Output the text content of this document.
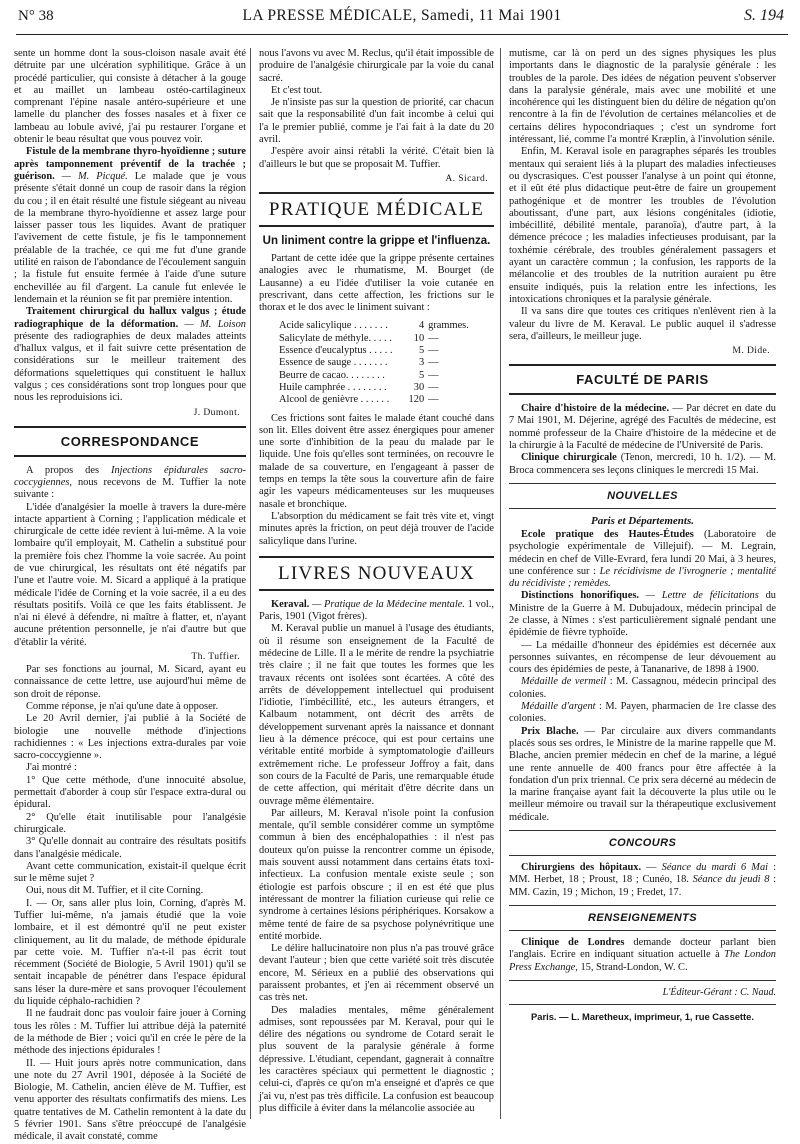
N° 38	LA PRESSE MÉDICALE, Samedi, 11 Mai 1901	S. 194

sente un homme dont la sous-cloison nasale avait été détruite par une ulcération syphilitique. Grâce à un procédé particulier, qui consiste à détacher à la gouge et au maillet un lambeau ostéo-cartilagineux comprenant l'épine nasale antéro-supérieure et une lamelle du plancher des fosses nasales et à fixer ce lambeau au lobule avivé, j'ai pu restaurer l'organe et obtenir le beau résultat que vous pouvez voir.

Fistule de la membrane thyro-hyoïdienne ; suture après tamponnement préventif de la trachée ; guérison. — M. Picqué. Le malade que je vous présente s'était donné un coup de rasoir dans la région du cou ; il en était résulté une fistule siégeant au niveau de la membrane thyro-hyoïdienne et assez large pour laisser passer tous les liquides. Avant de pratiquer l'avivement de cette fistule, je fis le tamponnement préalable de la trachée, ce qui me fut d'une grande utilité en raison de l'abondance de l'écoulement sanguin ; la fistule fut ensuite fermée à l'aide d'une suture enchevillée au fil d'argent. La canule fut enlevée le lendemain et la réunion se fit par première intention.

Traitement chirurgical du hallux valgus ; étude radiographique de la déformation. — M. Loison présente des radiographies de deux malades atteints d'hallux valgus, et il fait suivre cette présentation de considérations sur le meilleur traitement des déformations squelettiques qui constituent le hallux valgus ; ces considérations sont trop longues pour que nous les reproduisions ici.

J. Dumont.
CORRESPONDANCE

A propos des Injections épidurales sacro-coccygiennes, nous recevons de M. Tuffier la note suivante :

L'idée d'analgésier la moelle à travers la dure-mère intacte appartient à Corning ; l'application médicale et chirurgicale de cette idée revient à lui-même. A la voie lombaire qu'il employait, M. Cathelin a substitué pour la première fois chez l'homme la voie sacrée. Au point de vue chirurgical, les résultats ont été négatifs par l'une et l'autre voie. M. Sicard a appliqué à la pratique médicale l'idée de Corning et la voie sacrée, il a eu des résultats positifs. Voilà ce que les faits établissent. Je n'ai ni élevé à défendre, ni maître à flatter, et, n'ayant aucune prétention personnelle, je n'ai d'autre but que d'établir la vérité.

Th. Tuffier.

Par ses fonctions au journal, M. Sicard, ayant eu connaissance de cette lettre, use aujourd'hui même de son droit de réponse.

Comme réponse, je n'ai qu'une date à opposer.

Le 20 Avril dernier, j'ai publié à la Société de biologie une nouvelle méthode d'injections rachidiennes : « Les injections extra-durales par voie sacro-coccygienne ».

J'ai montré :

1° Que cette méthode, d'une innocuité absolue, permettait d'aborder à coup sûr l'espace extra-dural ou épidural.

2° Qu'elle était inutilisable pour l'analgésie chirurgicale.

3° Qu'elle donnait au contraire des résultats positifs dans l'analgésie médicale.

Avant cette communication, existait-il quelque écrit sur le même sujet ?

Oui, nous dit M. Tuffier, et il cite Corning.

I. — Or, sans aller plus loin, Corning, d'après M. Tuffier lui-même, n'a jamais étudié que la voie lombaire, et il est démontré qu'il ne peut exister cliniquement, au lit du malade, de méthode épidurale par cette voie. M. Tuffier n'a-t-il pas écrit tout récemment (Société de Biologie, 5 Avril 1901) qu'il se sentait incapable de pénétrer dans l'espace épidural sans léser la dure-mère et sans provoquer l'écoulement du liquide céphalo-rachidien ?

Il ne faudrait donc pas vouloir faire jouer à Corning tous les rôles : M. Tuffier lui attribue déjà la paternité de la méthode de Bier ; voici qu'il en crée le père de la méthode des injections épidurales !

II. — Huit jours après notre communication, dans une note du 27 Avril 1901, déposée à la Société de Biologie, M. Cathelin, ancien élève de M. Tuffier, est venu apporter des résultats confirmatifs des miens. Les quatre tentatives de M. Cathelin remontent à la date du 5 février 1901. Sans s'être préoccupé de l'analgésie médicale, il avait constaté, comme

nous l'avons vu avec M. Reclus, qu'il était impossible de produire de l'analgésie chirurgicale par la voie du canal sacré.

Et c'est tout.

Je n'insiste pas sur la question de priorité, car chacun sait que la responsabilité d'un fait incombe à celui qui l'a le premier publié, comme je l'ai fait à la date du 20 avril.

J'espère avoir ainsi rétabli la vérité. C'était bien là d'ailleurs le but que se proposait M. Tuffier.

A. Sicard.
PRATIQUE MÉDICALE
Un liniment contre la grippe et l'influenza.

Partant de cette idée que la grippe présente certaines analogies avec le rhumatisme, M. Bourget (de Lausanne) a eu l'idée d'utiliser la voie cutanée en prescrivant, dans cette affection, les frictions sur le thorax et le dos avec le liniment suivant :

Acide salicylique . . . . . . .	4	grammes.
Salicylate de méthyle. . . . .	10	—
Essence d'eucalyptus . . . . .	5	—
Essence de sauge . . . . . . .	3	—
Beurre de cacao. . . . . . . .	5	—
Huile camphrée . . . . . . . .	30	—
Alcool de genièvre . . . . . .	120	—

Ces frictions sont faites le malade étant couché dans son lit. Elles doivent être assez énergiques pour amener une sorte d'inhibition de la peau du malade par le liquide. Une fois qu'elles sont terminées, on recouvre le malade de sa couverture, en l'engageant à passer de temps en temps la tête sous la couverture afin de faire agir les vapeurs médicamenteuses sur les muqueuses nasale et bronchique.

L'absorption du médicament se fait très vite et, vingt minutes après la friction, on peut déjà trouver de l'acide salicylique dans l'urine.

LIVRES NOUVEAUX

Keraval. — Pratique de la Médecine mentale. 1 vol., Paris, 1901 (Vigot frères).

M. Keraval publie un manuel à l'usage des étudiants, où il résume son enseignement de la Faculté de médecine de Lille. Il a le mérite de rendre la psychiatrie très claire ; il ne fait que toutes les formes que les travaux récents ont isolées sont écartées. A côté des arrêts de développement intellectuel qui produisent l'idiotie, l'imbécillité, etc., les auteurs étrangers, et Kalbaum notamment, ont décrit des arrêts de développement survenant après la naissance et donnant lieu à la démence précoce, qui est pour certains une véritable entité morbide à symptomatologie d'ailleurs extrêmement riche. Le professeur Joffroy a fait, dans son cours de la Faculté de Paris, une remarquable étude de cette affection, qui méritait d'être décrite dans un ouvrage même élémentaire.

Par ailleurs, M. Keraval n'isole point la confusion mentale, qu'il semble considérer comme un symptôme commun à bien des encéphalopathies : il n'est pas douteux qu'on puisse la rencontrer comme un épisode, mais souvent aussi notamment dans certains états toxi-infectieux. La confusion mentale existe seule ; son étiologie est parfois obscure ; il en est été que plus intéressant de montrer la filiation curieuse qui relie ce syndrome à certaines lésions périphériques. Korsakow a même tenté de faire de sa psychose polynévritique une entité morbide.

Le délire hallucinatoire non plus n'a pas trouvé grâce devant l'auteur ; bien que cette variété soit très discutée encore, M. Sérieux en a publié des observations qui paraissent probantes, et j'en ai récemment observé un cas très net.

Des maladies mentales, même généralement admises, sont repoussées par M. Keraval, pour qui le délire des négations ou syndrome de Cotard serait le plus souvent de la paralysie générale à forme dépressive. L'étudiant, cependant, gagnerait à connaître les caractères spéciaux qui permettent le diagnostic ; celui-ci, d'après ce qu'on m'a enseigné et d'après ce que j'ai vu, n'est pas très difficile. La confusion est beaucoup plus difficile à éviter dans la mélancolie associée au

mutisme, car là on perd un des signes physiques les plus importants dans le diagnostic de la paralysie générale : les troubles de la parole. Des idées de négation peuvent s'observer dans la paralysie générale, mais avec une mobilité et une incohérence qui les distinguent bien du délire de négation qu'on rencontre à la fin de l'évolution de certaines mélancolies et de certains délires hypocondriaques ; c'est un syndrome fort intéressant, lié, comme l'a montré Kræplin, à l'involution sénile.

Enfin, M. Keraval isole en paragraphes séparés les troubles mentaux qui seraient liés à la plupart des maladies infectieuses ou dyscrasiques. C'est pousser l'analyse à un point qui étonne, et il eût été plus didactique peut-être de faire un groupement pathogénique et de montrer les troubles de l'évolution aboutissant, d'une part, aux lésions congénitales (idiotie, imbécillité, débilité mentale, paranoïa), d'autre part, à la démence précoce ; les maladies infectieuses produisant, par la toxhémie cérébrale, des troubles généralement passagers et ayant un caractère commun ; la confusion, les rapports de la mélancolie et des troubles de la nutrition auraient pu être ensuite indiqués, puis la relation entre les infections, les intoxications chroniques et la paralysie générale.

Il va sans dire que toutes ces critiques n'enlèvent rien à la valeur du livre de M. Keraval. Le public auquel il s'adresse sera, d'ailleurs, le meilleur juge.

M. Dide.
FACULTÉ DE PARIS

Chaire d'histoire de la médecine. — Par décret en date du 7 Mai 1901, M. Déjerine, agrégé des Facultés de médecine, est nommé professeur de la Chaire d'histoire de la médecine et de la chirurgie à la Faculté de médecine de l'Université de Paris.

Clinique chirurgicale (Tenon, mercredi, 10 h. 1/2). — M. Broca commencera ses leçons cliniques le mercredi 15 Mai.

NOUVELLES
Paris et Départements.

Ecole pratique des Hautes-Études (Laboratoire de psychologie expérimentale de Villejuif). — M. Legrain, médecin en chef de Ville-Evrard, fera lundi 20 Mai, à 3 heures, une conférence sur : Le récidivisme de l'ivrognerie ; mentalité du récidiviste ; remèdes.

Distinctions honorifiques. — Lettre de félicitations du Ministre de la Guerre à M. Dubujadoux, médecin principal de 2e classe, à Nîmes : s'est particulièrement signalé pendant une épidémie de fièvre typhoïde.

— La médaille d'honneur des épidémies est décernée aux personnes suivantes, en récompense de leur dévouement au cours des épidémies de peste, à Tananarive, de 1898 à 1900.

Médaille de vermeil : M. Cassagnou, médecin principal des colonies.

Médaille d'argent : M. Payen, pharmacien de 1re classe des colonies.

Prix Blache. — Par circulaire aux divers commandants placés sous ses ordres, le Ministre de la marine rappelle que M. Blache, ancien premier médecin en chef de la marine, a légué une rente annuelle de 400 francs pour être affectée à la fondation d'un prix triennal. Ce prix sera décerné au médecin de la marine française ayant fait la découverte la plus utile ou le meilleur mémoire ou travail sur la thérapeutique exclusivement médicale.

CONCOURS

Chirurgiens des hôpitaux. — Séance du mardi 6 Mai : MM. Herbet, 18 ; Proust, 18 ; Cunéo, 18. Séance du jeudi 8 : MM. Cazin, 19 ; Michon, 19 ; Fredet, 17.

RENSEIGNEMENTS

Clinique de Londres demande docteur parlant bien l'anglais. Ecrire en indiquant situation actuelle à The London Press Exchange, 15, Strand-London, W. C.

L'Éditeur-Gérant : C. Naud.
Paris. — L. Maretheux, imprimeur, 1, rue Cassette.
